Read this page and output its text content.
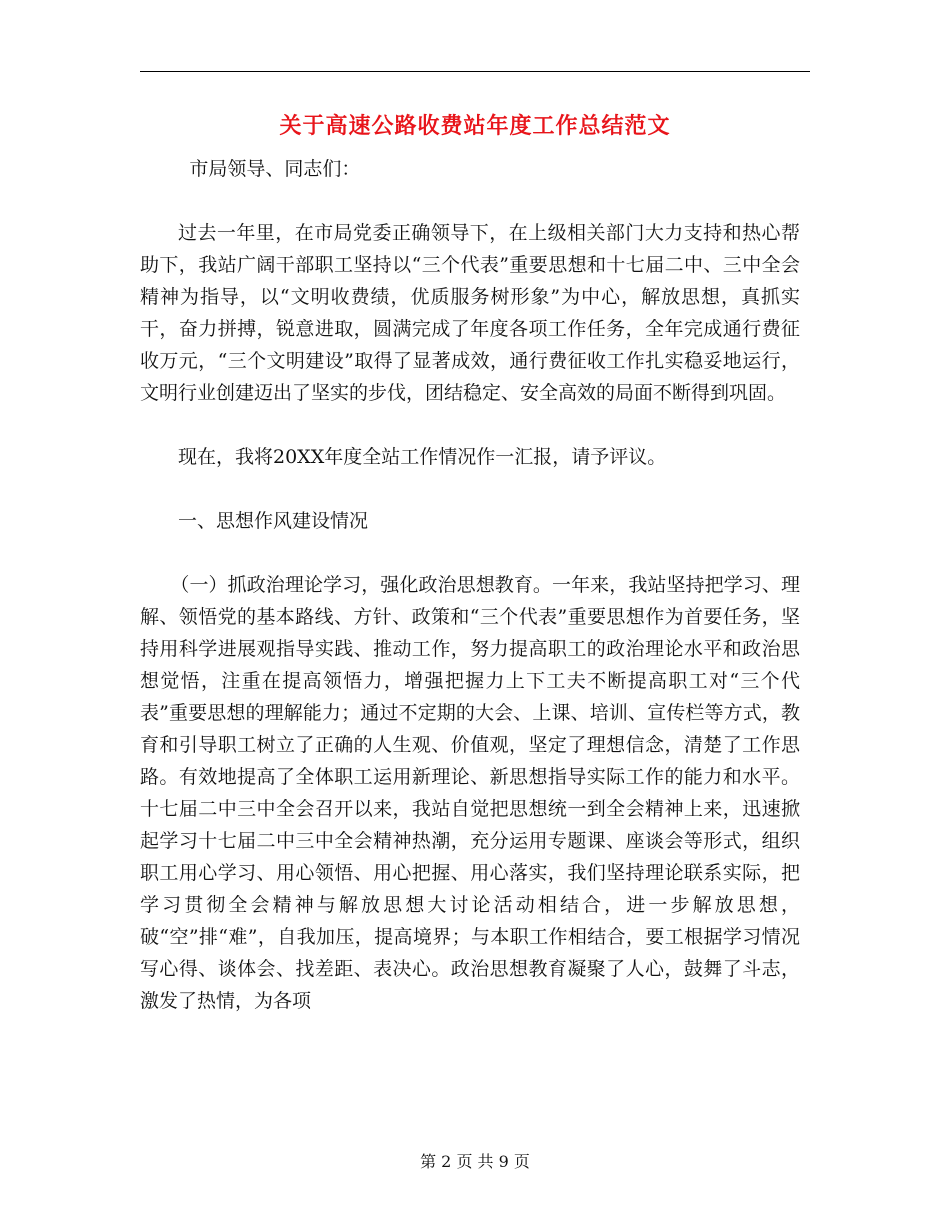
关于高速公路收费站年度工作总结范文

市局领导、同志们：

过去一年里，在市局党委正确领导下，在上级相关部门大力支持和热心帮助下，我站广阔干部职工坚持以“三个代表”重要思想和十七届二中、三中全会精神为指导，以“文明收费绩，优质服务树形象”为中心，解放思想，真抓实干，奋力拼搏，锐意进取，圆满完成了年度各项工作任务，全年完成通行费征收万元，“三个文明建设”取得了显著成效，通行费征收工作扎实稳妥地运行，文明行业创建迈出了坚实的步伐，团结稳定、安全高效的局面不断得到巩固。

现在，我将20XX年度全站工作情况作一汇报，请予评议。

一、思想作风建设情况

（一）抓政治理论学习，强化政治思想教育。一年来，我站坚持把学习、理解、领悟党的基本路线、方针、政策和“三个代表”重要思想作为首要任务，坚持用科学进展观指导实践、推动工作，努力提高职工的政治理论水平和政治思想觉悟，注重在提高领悟力，增强把握力上下工夫不断提高职工对“三个代表”重要思想的理解能力；通过不定期的大会、上课、培训、宣传栏等方式，教育和引导职工树立了正确的人生观、价值观，坚定了理想信念，清楚了工作思路。有效地提高了全体职工运用新理论、新思想指导实际工作的能力和水平。十七届二中三中全会召开以来，我站自觉把思想统一到全会精神上来，迅速掀起学习十七届二中三中全会精神热潮，充分运用专题课、座谈会等形式，组织职工用心学习、用心领悟、用心把握、用心落实，我们坚持理论联系实际，把学习贯彻全会精神与解放思想大讨论活动相结合，进一步解放思想，破“空”排“难”，自我加压，提高境界；与本职工作相结合，要工根据学习情况写心得、谈体会、找差距、表决心。政治思想教育凝聚了人心，鼓舞了斗志，激发了热情，为各项

第 2 页 共 9 页
